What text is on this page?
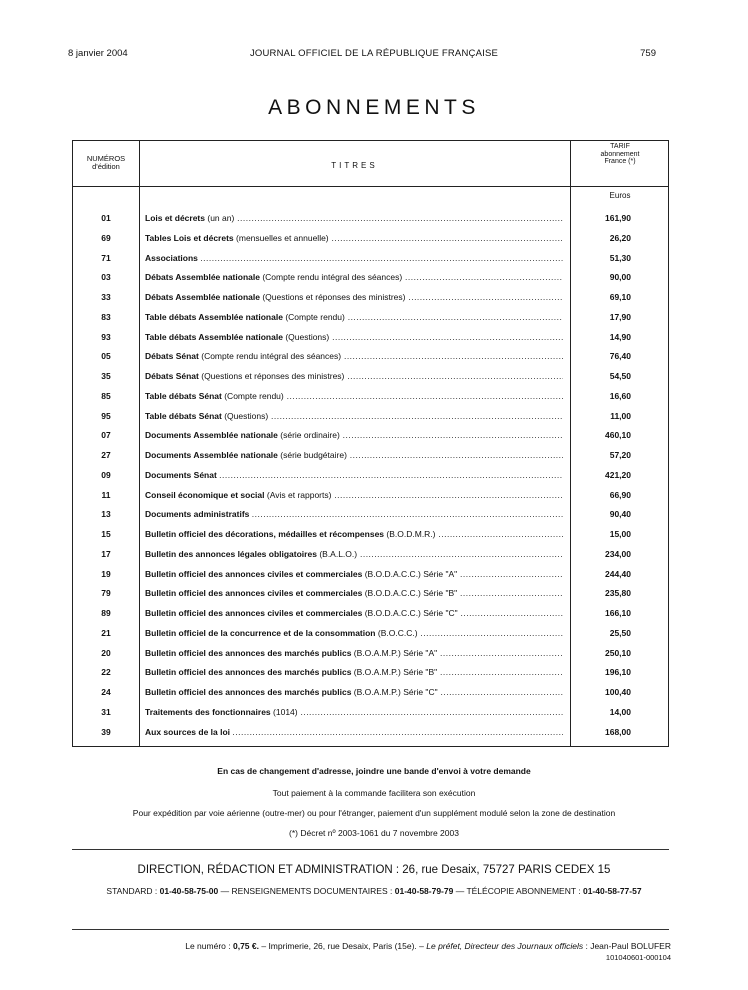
8 janvier 2004	JOURNAL OFFICIEL DE LA RÉPUBLIQUE FRANÇAISE	759
ABONNEMENTS
NUMÉROS
d'édition	TITRES
TARIF
abonnement
France (*)
Euros
01	Lois et décrets (un an) .....	161,90
69	Tables Lois et décrets (mensuelles et annuelle) .....	26,20
71	Associations .....	51,30
03	Débats Assemblée nationale (Compte rendu intégral des séances) .....	90,00
33	Débats Assemblée nationale (Questions et réponses des ministres) .....	69,10
83	Table débats Assemblée nationale (Compte rendu) .....	17,90
93	Table débats Assemblée nationale (Questions) .....	14,90
05	Débats Sénat (Compte rendu intégral des séances) .....	76,40
35	Débats Sénat (Questions et réponses des ministres) .....	54,50
85	Table débats Sénat (Compte rendu) .....	16,60
95	Table débats Sénat (Questions) .....	11,00
07	Documents Assemblée nationale (série ordinaire) .....	460,10
27	Documents Assemblée nationale (série budgétaire) .....	57,20
09	Documents Sénat .....	421,20
11	Conseil économique et social (Avis et rapports) .....	66,90
13	Documents administratifs .....	90,40
15	Bulletin officiel des décorations, médailles et récompenses (B.O.D.M.R.) .....	15,00
17	Bulletin des annonces légales obligatoires (B.A.L.O.) .....	234,00
19	Bulletin officiel des annonces civiles et commerciales (B.O.D.A.C.C.) Série "A" .....	244,40
79	Bulletin officiel des annonces civiles et commerciales (B.O.D.A.C.C.) Série "B" .....	235,80
89	Bulletin officiel des annonces civiles et commerciales (B.O.D.A.C.C.) Série "C" .....	166,10
21	Bulletin officiel de la concurrence et de la consommation (B.O.C.C.) .....	25,50
20	Bulletin officiel des annonces des marchés publics (B.O.A.M.P.) Série "A" .....	250,10
22	Bulletin officiel des annonces des marchés publics (B.O.A.M.P.) Série "B" .....	196,10
24	Bulletin officiel des annonces des marchés publics (B.O.A.M.P.) Série "C" .....	100,40
31	Traitements des fonctionnaires (1014) .....	14,00
39	Aux sources de la loi .....	168,00
En cas de changement d'adresse, joindre une bande d'envoi à votre demande
Tout paiement à la commande facilitera son exécution
Pour expédition par voie aérienne (outre-mer) ou pour l'étranger, paiement d'un supplément modulé selon la zone de destination
(*) Décret nº 2003-1061 du 7 novembre 2003
DIRECTION, RÉDACTION ET ADMINISTRATION : 26, rue Desaix, 75727 PARIS CEDEX 15
STANDARD : 01-40-58-75-00 — RENSEIGNEMENTS DOCUMENTAIRES : 01-40-58-79-79 — TÉLÉCOPIE ABONNEMENT : 01-40-58-77-57
Le numéro : 0,75 €. – Imprimerie, 26, rue Desaix, Paris (15e). – Le préfet, Directeur des Journaux officiels : Jean-Paul BOLUFER
101040601-000104
